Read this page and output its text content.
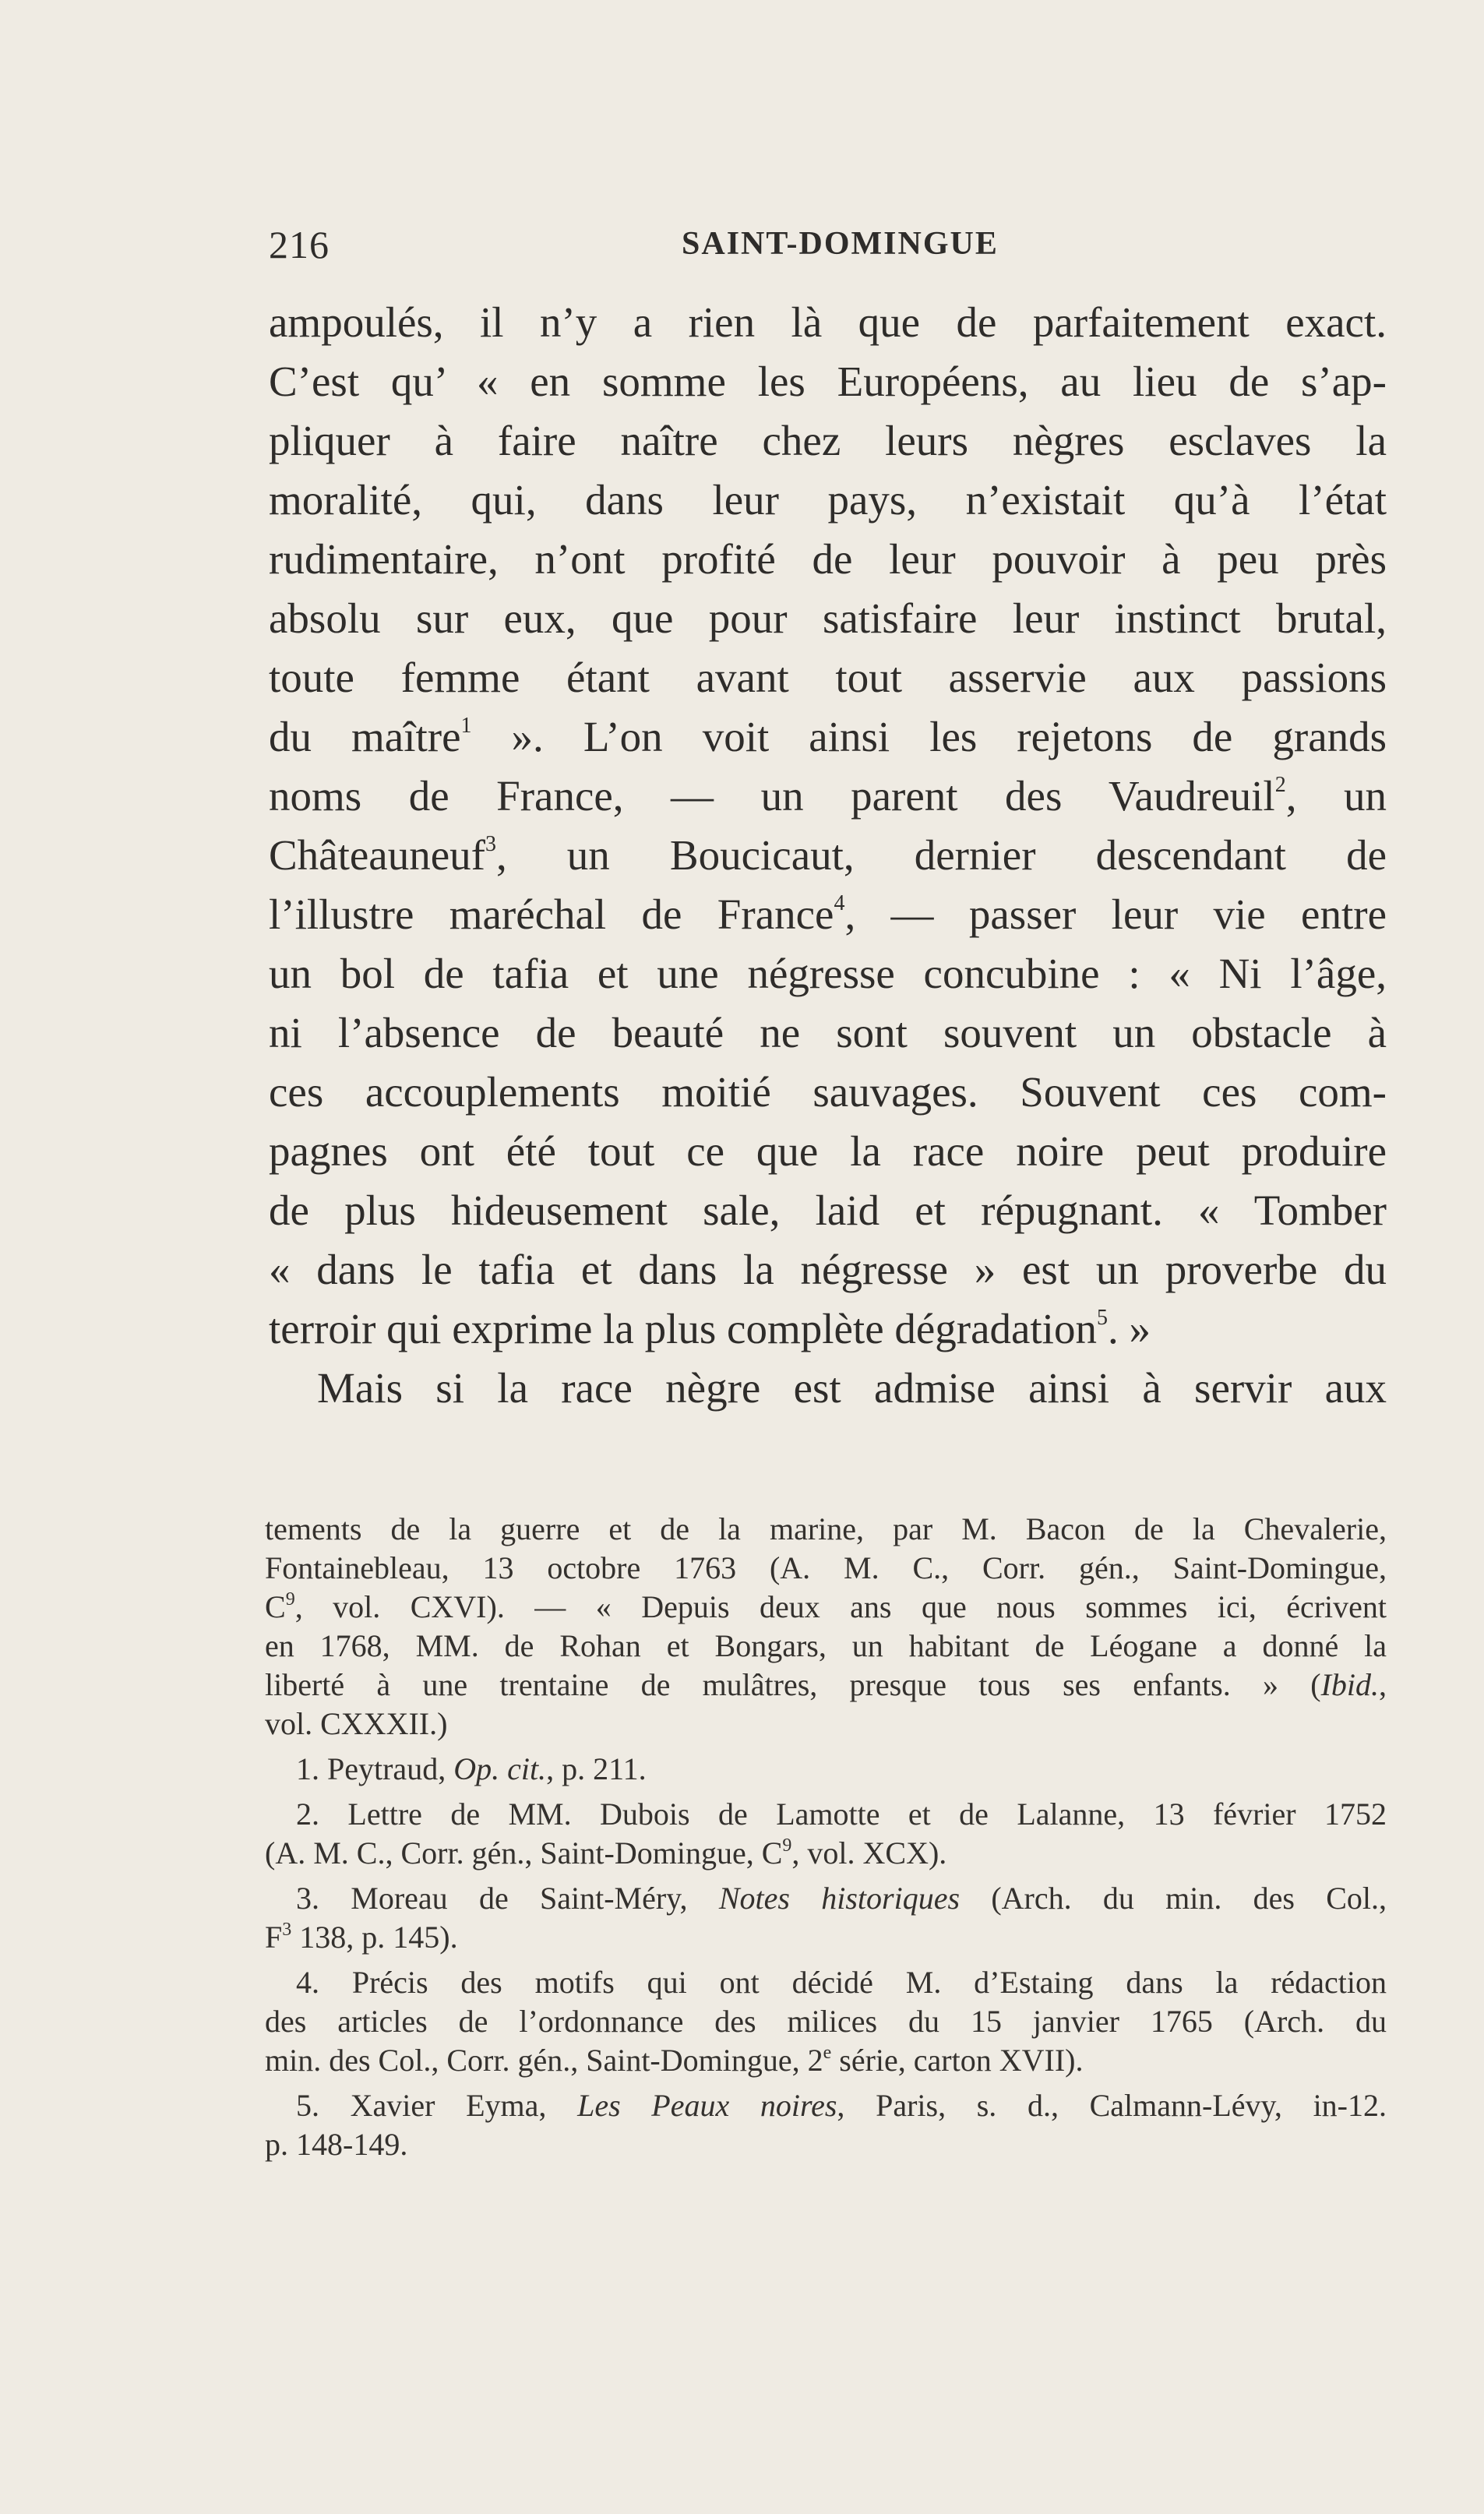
216	SAINT-DOMINGUE
ampoulés, il n’y a rien là que de parfaitement exact.
C’est qu’ « en somme les Européens, au lieu de s’ap-
pliquer à faire naître chez leurs nègres esclaves la
moralité, qui, dans leur pays, n’existait qu’à l’état
rudimentaire, n’ont profité de leur pouvoir à peu près
absolu sur eux, que pour satisfaire leur instinct brutal,
toute femme étant avant tout asservie aux passions
du maître$^1$ ». L’on voit ainsi les rejetons de grands
noms de France, — un parent des Vaudreuil$^2$, un
Châteauneuf$^3$, un Boucicaut, dernier descendant de
l’illustre maréchal de France$^4$, — passer leur vie entre
un bol de tafia et une négresse concubine : « Ni l’âge,
ni l’absence de beauté ne sont souvent un obstacle à
ces accouplements moitié sauvages. Souvent ces com-
pagnes ont été tout ce que la race noire peut produire
de plus hideusement sale, laid et répugnant. « Tomber
« dans le tafia et dans la négresse » est un proverbe du
terroir qui exprime la plus complète dégradation$^5$. »
Mais si la race nègre est admise ainsi à servir aux
tements de la guerre et de la marine, par M. Bacon de la Chevalerie,
Fontainebleau, 13 octobre 1763 (A. M. C., Corr. gén., Saint-Domingue,
$C^9$, vol. CXVI). — « Depuis deux ans que nous sommes ici, écrivent
en 1768, MM. de Rohan et Bongars, un habitant de Léogane a donné la
liberté à une trentaine de mulâtres, presque tous ses enfants. » (Ibid.,
vol. CXXXII.)
1. Peytraud, Op. cit., p. 211.
2. Lettre de MM. Dubois de Lamotte et de Lalanne, 13 février 1752
(A. M. C., Corr. gén., Saint-Domingue, $C^9$, vol. XCX).
3. Moreau de Saint-Méry, Notes historiques (Arch. du min. des Col.,
$F^3$ 138, p. 145).
4. Précis des motifs qui ont décidé M. d’Estaing dans la rédaction
des articles de l’ordonnance des milices du 15 janvier 1765 (Arch. du
min. des Col., Corr. gén., Saint-Domingue, 2e série, carton XVII).
5. Xavier Eyma, Les Peaux noires, Paris, s. d., Calmann-Lévy, in-12.
p. 148-149.
